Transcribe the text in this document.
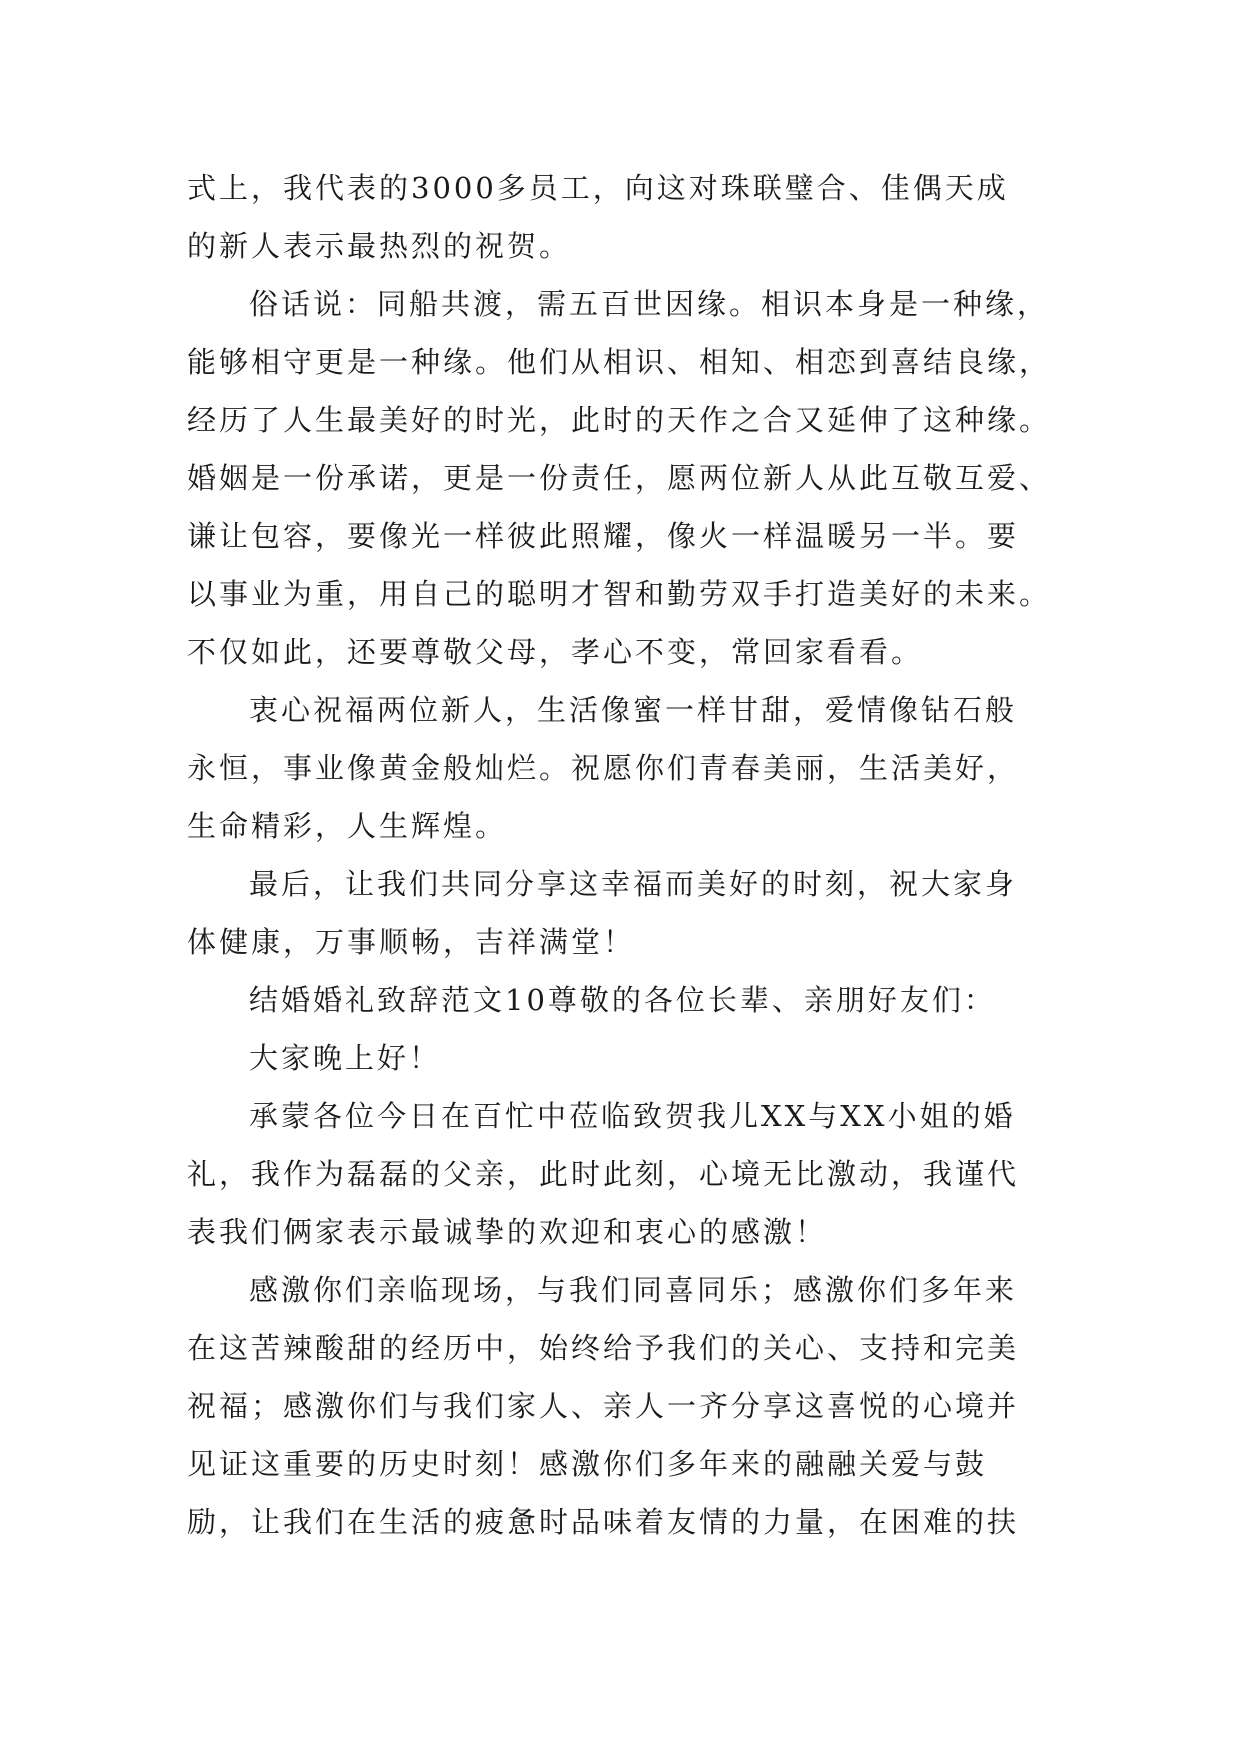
式上，我代表的3000多员工，向这对珠联璧合、佳偶天成
的新人表示最热烈的祝贺。
俗话说：同船共渡，需五百世因缘。相识本身是一种缘，
能够相守更是一种缘。他们从相识、相知、相恋到喜结良缘，
经历了人生最美好的时光，此时的天作之合又延伸了这种缘。
婚姻是一份承诺，更是一份责任，愿两位新人从此互敬互爱、
谦让包容，要像光一样彼此照耀，像火一样温暖另一半。要
以事业为重，用自己的聪明才智和勤劳双手打造美好的未来。
不仅如此，还要尊敬父母，孝心不变，常回家看看。
衷心祝福两位新人，生活像蜜一样甘甜，爱情像钻石般
永恒，事业像黄金般灿烂。祝愿你们青春美丽，生活美好，
生命精彩，人生辉煌。
最后，让我们共同分享这幸福而美好的时刻，祝大家身
体健康，万事顺畅，吉祥满堂！
结婚婚礼致辞范文10尊敬的各位长辈、亲朋好友们：
大家晚上好！
承蒙各位今日在百忙中莅临致贺我儿XX与XX小姐的婚
礼，我作为磊磊的父亲，此时此刻，心境无比激动，我谨代
表我们俩家表示最诚挚的欢迎和衷心的感激！
感激你们亲临现场，与我们同喜同乐；感激你们多年来
在这苦辣酸甜的经历中，始终给予我们的关心、支持和完美
祝福；感激你们与我们家人、亲人一齐分享这喜悦的心境并
见证这重要的历史时刻！感激你们多年来的融融关爱与鼓
励，让我们在生活的疲惫时品味着友情的力量，在困难的扶
